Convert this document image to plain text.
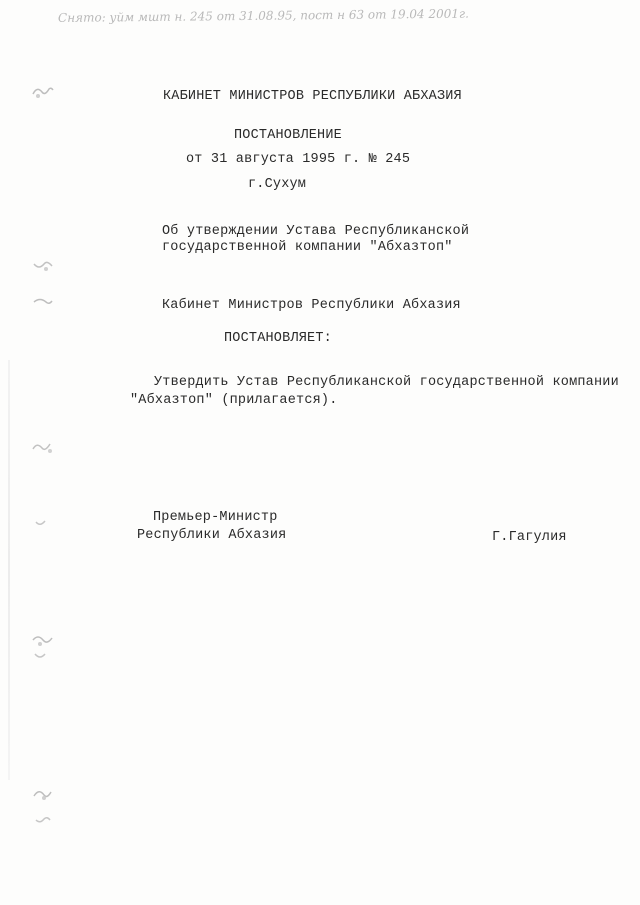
Снято: уйм мшт н. 245 от 31.08.95, пост н 63 от 19.04 2001г.
КАБИНЕТ МИНИСТРОВ РЕСПУБЛИКИ АБХАЗИЯ
ПОСТАНОВЛЕНИЕ
от 31 августа 1995 г. № 245
г.Сухум
Об утверждении Устава Республиканской
государственной компании "Абхазтоп"
Кабинет Министров Республики Абхазия
ПОСТАНОВЛЯЕТ:
Утвердить Устав Республиканской государственной компании
"Абхазтоп" (прилагается).
Премьер-Министр
Республики Абхазия	Г.Гагулия
